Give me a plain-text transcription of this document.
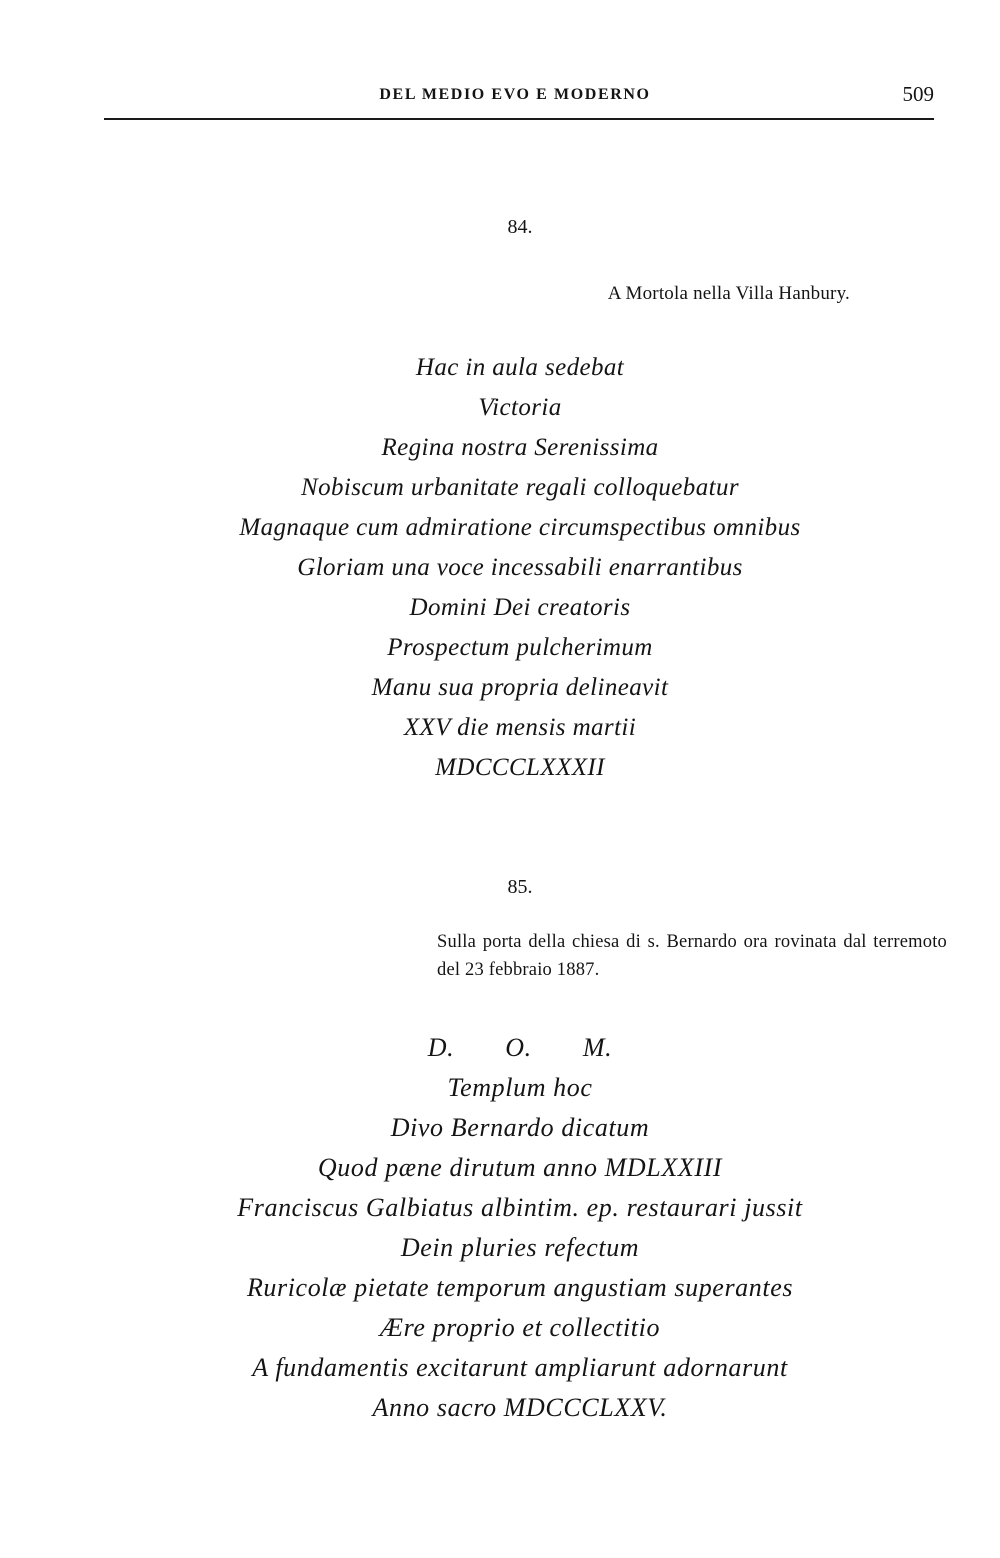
DEL MEDIO EVO E MODERNO	509
84.
A Mortola nella Villa Hanbury.
Hac in aula sedebat
Victoria
Regina nostra Serenissima
Nobiscum urbanitate regali colloquebatur
Magnaque cum admiratione circumspectibus omnibus
Gloriam una voce incessabili enarrantibus
Domini Dei creatoris
Prospectum pulcherimum
Manu sua propria delineavit
XXV die mensis martii
MDCCCLXXXII
85.
Sulla porta della chiesa di s. Bernardo ora rovinata dal terremoto del 23 febbraio 1887.
D. O. M.
Templum hoc
Divo Bernardo dicatum
Quod pæne dirutum anno MDLXXIII
Franciscus Galbiatus albintim. ep. restaurari jussit
Dein pluries refectum
Ruricolæ pietate temporum angustiam superantes
Ære proprio et collectitio
A fundamentis excitarunt ampliarunt adornarunt
Anno sacro MDCCCLXXV.
